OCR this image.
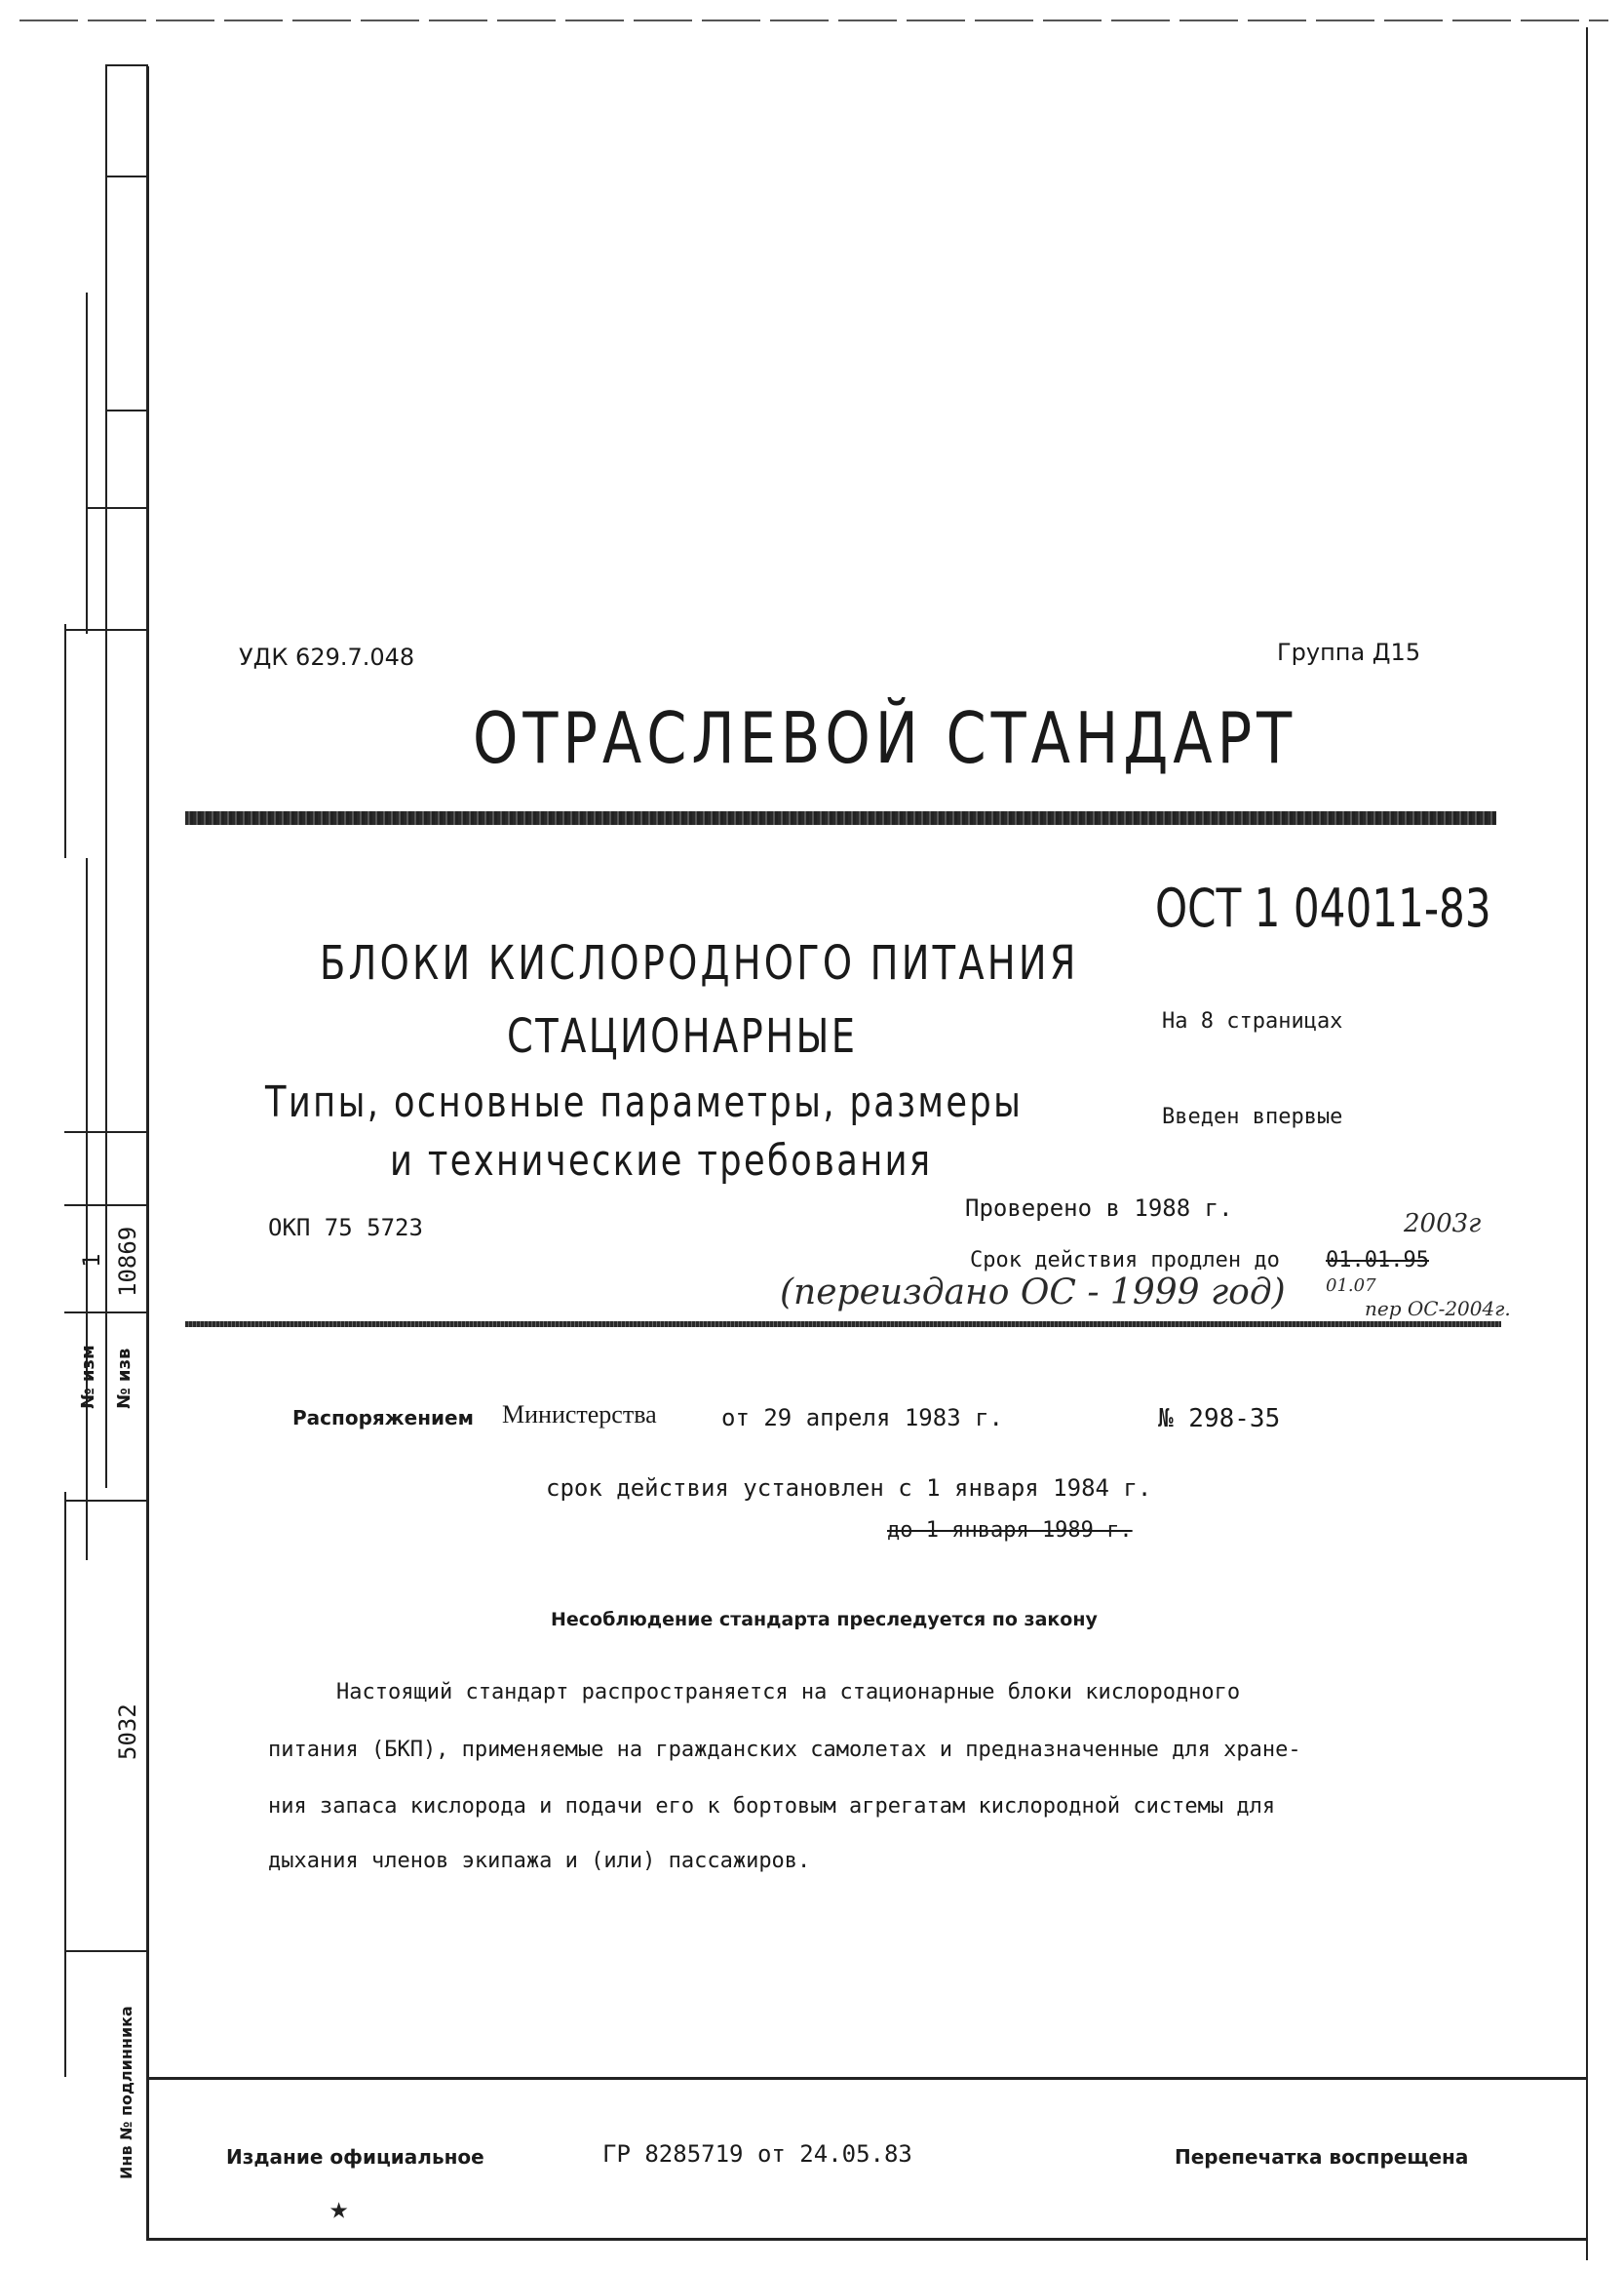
1 10869
№ изм № изв
5032
Инв № подлинника
УДК 629.7.048	Группа Д15
ОТРАСЛЕВОЙ СТАНДАРТ
ОСТ 1 04011-83
БЛОКИ КИСЛОРОДНОГО ПИТАНИЯ
СТАЦИОНАРНЫЕ
Типы, основные параметры, размеры
и технические требования
На 8 страницах
Введен впервые
Проверено в 1988 г.
ОКП 75 5723
Срок действия продлен до 01.01.95
2003г
01.07
(переиздано ОС - 1999 год)	пер ОС-2004г.
Распоряжением Министерства	от 29 апреля 1983 г.	№ 298-35
срок действия установлен с 1 января 1984 г.
до 1 января 1989 г.
Несоблюдение стандарта преследуется по закону
Настоящий стандарт распространяется на стационарные блоки кислородного
питания (БКП), применяемые на гражданских самолетах и предназначенные для хране-
ния запаса кислорода и подачи его к бортовым агрегатам кислородной системы для
дыхания членов экипажа и (или) пассажиров.
Издание официальное	ГР 8285719 от 24.05.83	Перепечатка воспрещена
★
